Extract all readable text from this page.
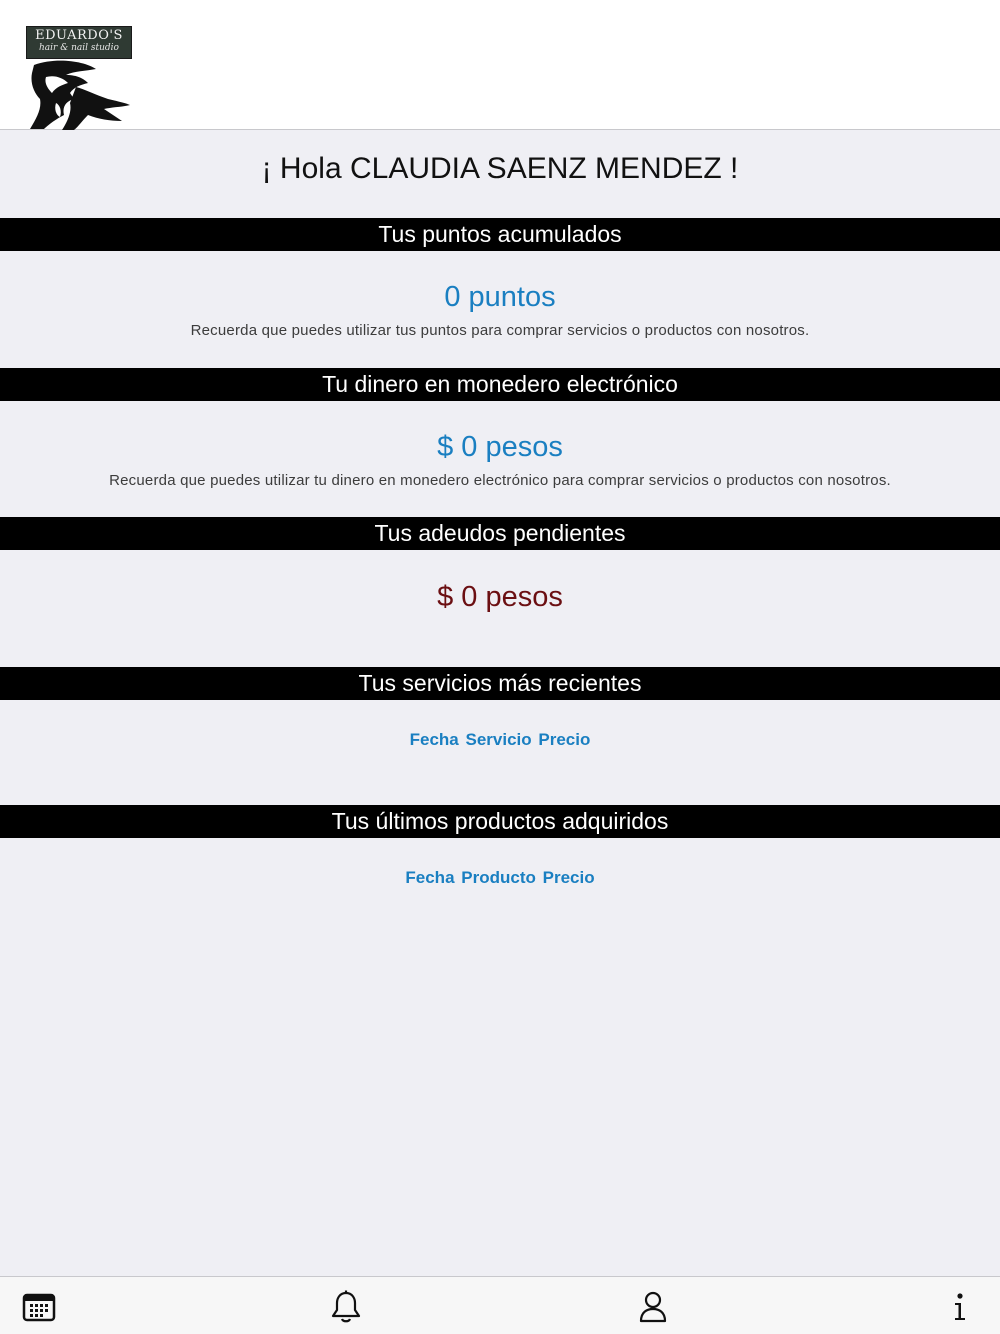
EDUARDO'S
hair & nail studio
¡ Hola CLAUDIA SAENZ MENDEZ !
Tus puntos acumulados
0 puntos
Recuerda que puedes utilizar tus puntos para comprar servicios o productos con nosotros.
Tu dinero en monedero electrónico
$ 0 pesos
Recuerda que puedes utilizar tu dinero en monedero electrónico para comprar servicios o productos con nosotros.
Tus adeudos pendientes
$ 0 pesos
Tus servicios más recientes
Fecha Servicio Precio
Tus últimos productos adquiridos
Fecha Producto Precio
